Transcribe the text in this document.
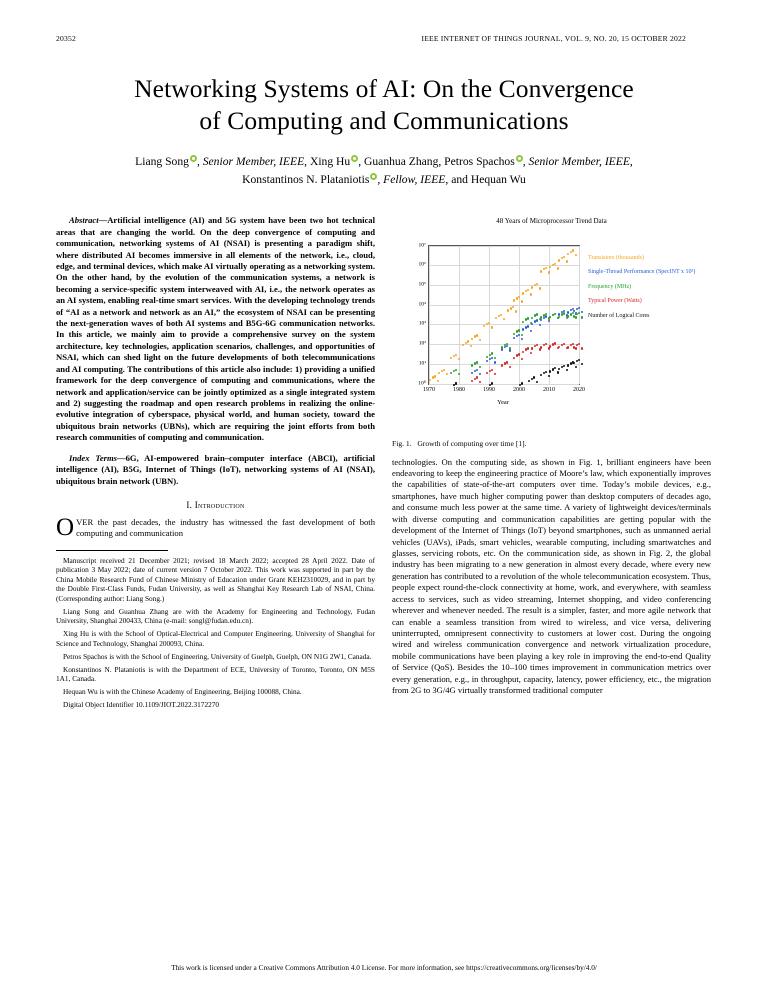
20352	IEEE INTERNET OF THINGS JOURNAL, VOL. 9, NO. 20, 15 OCTOBER 2022
Networking Systems of AI: On the Convergence
of Computing and Communications
Liang Song , Senior Member, IEEE, Xing Hu , Guanhua Zhang, Petros Spachos , Senior Member, IEEE,
Konstantinos N. Plataniotis , Fellow, IEEE, and Hequan Wu

Abstract—Artificial intelligence (AI) and 5G system have been two hot technical areas that are changing the world. On the deep convergence of computing and communication, networking systems of AI (NSAI) is presenting a paradigm shift, where distributed AI becomes immersive in all elements of the network, i.e., cloud, edge, and terminal devices, which make AI virtually operating as a networking system. On the other hand, by the evolution of the communication systems, a network is becoming a service-specific system interweaved with AI, i.e., the network operates as an AI system, enabling real-time smart services. With the developing technology trends of “AI as a network and network as an AI,” the ecosystem of NSAI can be presenting the next-generation waves of both AI systems and B5G-6G communication networks. In this article, we mainly aim to provide a comprehensive survey on the system architecture, key technologies, application scenarios, challenges, and opportunities of NSAI, which can shed light on the future developments of both telecommunications and AI computing. The contributions of this article also include: 1) providing a unified framework for the deep convergence of computing and communications, where the network and application/service can be jointly optimized as a single integrated system and 2) suggesting the roadmap and open research problems in realizing the online-evolutive integration of cyberspace, physical world, and human society, toward the ubiquitous brain networks (UBNs), which are requiring the joint efforts from both research communities of computing and communication.

Index Terms—6G, AI-empowered brain–computer interface (ABCI), artificial intelligence (AI), B5G, Internet of Things (IoT), networking systems of AI (NSAI), ubiquitous brain network (UBN).

I. Introduction

OVER the past decades, the industry has witnessed the fast development of both computing and communication

Manuscript received 21 December 2021; revised 18 March 2022; accepted 28 April 2022. Date of publication 3 May 2022; date of current version 7 October 2022. This work was supported in part by the China Mobile Research Fund of Chinese Ministry of Education under Grant KEH2310029, and in part by the Double First-Class Funds, Fudan University, as well as Shanghai Key Research Lab of NSAI, China. (Corresponding author: Liang Song.)

Liang Song and Guanhua Zhang are with the Academy for Engineering and Technology, Fudan University, Shanghai 200433, China (e-mail: songl@fudan.edu.cn).

Xing Hu is with the School of Optical-Electrical and Computer Engineering, University of Shanghai for Science and Technology, Shanghai 200093, China.

Petros Spachos is with the School of Engineering, University of Guelph, Guelph, ON N1G 2W1, Canada.

Konstantinos N. Plataniotis is with the Department of ECE, University of Toronto, Toronto, ON M5S 1A1, Canada.

Hequan Wu is with the Chinese Academy of Engineering, Beijing 100088, China.

Digital Object Identifier 10.1109/JIOT.2022.3172270

48 Years of Microprocessor Trend Data
1970	1980	1990	2000	2010	2020
10⁰
10¹
10²
10³
10⁴
10⁵
10⁶
10⁷
Year
Transistors (thousands)
Single-Thread Performance (SpecINT x 10³)
Frequency (MHz)
Typical Power (Watts)
Number of Logical Cores
Fig. 1. Growth of computing over time [1].

technologies. On the computing side, as shown in Fig. 1, brilliant engineers have been endeavoring to keep the engineering practice of Moore’s law, which exponentially improves the capabilities of state-of-the-art computers over time. Today’s mobile devices, e.g., smartphones, have much higher computing power than desktop computers of decades ago, and consume much less power at the same time. A variety of lightweight devices/terminals with diverse computing and communication capabilities are getting popular with the development of the Internet of Things (IoT) beyond smartphones, such as unmanned aerial vehicles (UAVs), iPads, smart vehicles, wearable computing, including smartwatches and glasses, servicing robots, etc. On the communication side, as shown in Fig. 2, the global industry has been migrating to a new generation in almost every decade, where every new generation has contributed to a revolution of the whole telecommunication ecosystem. Thus, people expect round-the-clock connectivity at home, work, and everywhere, with seamless access to services, such as video streaming, Internet shopping, and video conferencing wherever and whenever needed. The result is a simpler, faster, and more agile network that can enable a seamless transition from wired to wireless, and vice versa, delivering uninterrupted, omnipresent connectivity to customers at lower cost. During the ongoing wired and wireless communication convergence and network virtualization procedure, mobile communications have been playing a key role in improving the end-to-end Quality of Service (QoS). Besides the 10–100 times improvement in communication metrics over every generation, e.g., in throughput, capacity, latency, power efficiency, etc., the migration from 2G to 3G/4G virtually transformed traditional computer

This work is licensed under a Creative Commons Attribution 4.0 License. For more information, see https://creativecommons.org/licenses/by/4.0/
